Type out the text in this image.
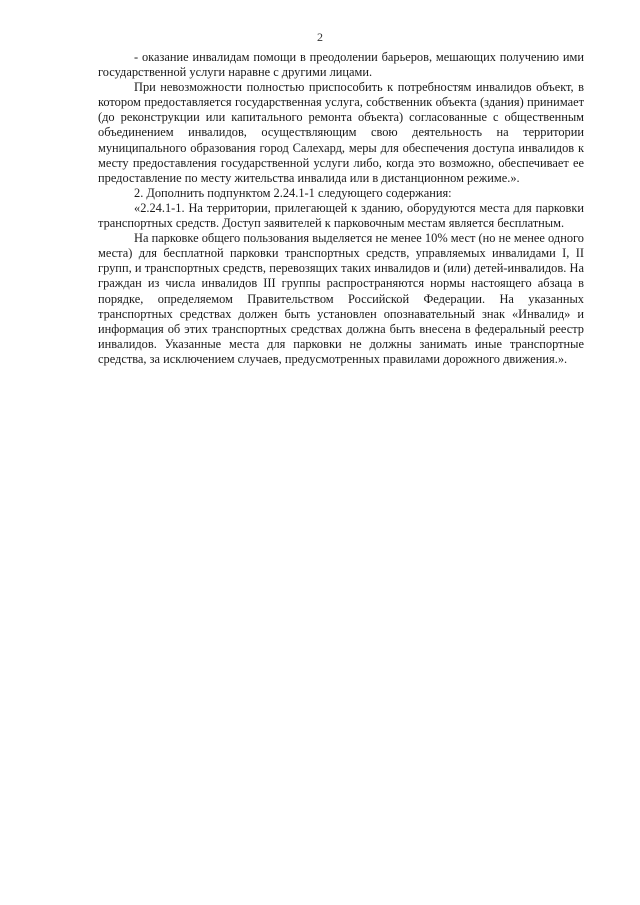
2

- оказание инвалидам помощи в преодолении барьеров, мешающих получению ими государственной услуги наравне с другими лицами.

При невозможности полностью приспособить к потребностям инвалидов объект, в котором предоставляется государственная услуга, собственник объекта (здания) принимает (до реконструкции или капитального ремонта объекта) согласованные с общественным объединением инвалидов, осуществляющим свою деятельность на территории муниципального образования город Салехард, меры для обеспечения доступа инвалидов к месту предоставления государственной услуги либо, когда это возможно, обеспечивает ее предоставление по месту жительства инвалида или в дистанционном режиме.».

2. Дополнить подпунктом 2.24.1-1 следующего содержания:

«2.24.1-1. На территории, прилегающей к зданию, оборудуются места для парковки транспортных средств. Доступ заявителей к парковочным местам является бесплатным.

На парковке общего пользования выделяется не менее 10% мест (но не менее одного места) для бесплатной парковки транспортных средств, управляемых инвалидами I, II групп, и транспортных средств, перевозящих таких инвалидов и (или) детей-инвалидов. На граждан из числа инвалидов III группы распространяются нормы настоящего абзаца в порядке, определяемом Правительством Российской Федерации. На указанных транспортных средствах должен быть установлен опознавательный знак «Инвалид» и информация об этих транспортных средствах должна быть внесена в федеральный реестр инвалидов. Указанные места для парковки не должны занимать иные транспортные средства, за исключением случаев, предусмотренных правилами дорожного движения.».
